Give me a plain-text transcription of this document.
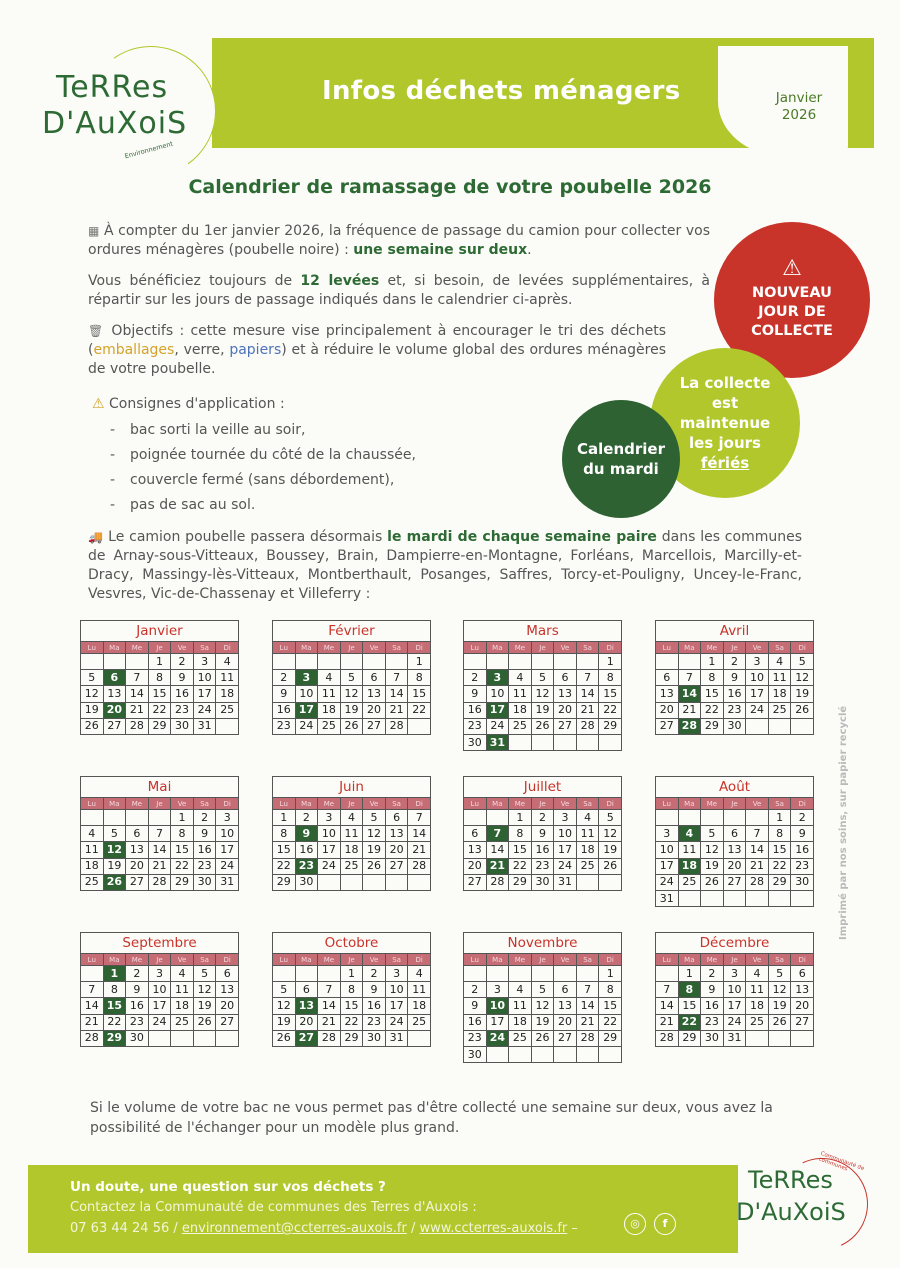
Infos déchets ménagers	Janvier
2026
TeRRes
D'AuXoiS
Environnement
Calendrier de ramassage de votre poubelle 2026
▦ À compter du 1er janvier 2026, la fréquence de passage du camion pour collecter vos ordures ménagères (poubelle noire) : une semaine sur deux.
Vous bénéficiez toujours de 12 levées et, si besoin, de levées supplémentaires, à répartir sur les jours de passage indiqués dans le calendrier ci-après.
🗑 Objectifs : cette mesure vise principalement à encourager le tri des déchets (emballages, verre, papiers) et à réduire le volume global des ordures ménagères de votre poubelle.
⚠ Consignes d'application :
- bac sorti la veille au soir,
- poignée tournée du côté de la chaussée,
- couvercle fermé (sans débordement),
- pas de sac au sol.
⚠
NOUVEAU
JOUR DE
COLLECTE
La collecte
est
maintenue
les jours
fériés
Calendrier
du mardi
🚚 Le camion poubelle passera désormais le mardi de chaque semaine paire dans les communes de Arnay-sous-Vitteaux, Boussey, Brain, Dampierre-en-Montagne, Forléans, Marcellois, Marcilly-et-Dracy, Massingy-lès-Vitteaux, Montberthault, Posanges, Saffres, Torcy-et-Pouligny, Uncey-le-Franc, Vesvres, Vic-de-Chassenay et Villeferry :
Janvier
Lu	Ma	Me	Je	Ve	Sa	Di
			1	2	3	4
5	6	7	8	9	10	11
12	13	14	15	16	17	18
19	20	21	22	23	24	25
26	27	28	29	30	31	
Février
Lu	Ma	Me	Je	Ve	Sa	Di
						1
2	3	4	5	6	7	8
9	10	11	12	13	14	15
16	17	18	19	20	21	22
23	24	25	26	27	28	
Mars
Lu	Ma	Me	Je	Ve	Sa	Di
						1
2	3	4	5	6	7	8
9	10	11	12	13	14	15
16	17	18	19	20	21	22
23	24	25	26	27	28	29
30	31					
Avril
Lu	Ma	Me	Je	Ve	Sa	Di
		1	2	3	4	5
6	7	8	9	10	11	12
13	14	15	16	17	18	19
20	21	22	23	24	25	26
27	28	29	30			
Mai
Lu	Ma	Me	Je	Ve	Sa	Di
				1	2	3
4	5	6	7	8	9	10
11	12	13	14	15	16	17
18	19	20	21	22	23	24
25	26	27	28	29	30	31
Juin
Lu	Ma	Me	Je	Ve	Sa	Di
1	2	3	4	5	6	7
8	9	10	11	12	13	14
15	16	17	18	19	20	21
22	23	24	25	26	27	28
29	30					
Juillet
Lu	Ma	Me	Je	Ve	Sa	Di
		1	2	3	4	5
6	7	8	9	10	11	12
13	14	15	16	17	18	19
20	21	22	23	24	25	26
27	28	29	30	31		
Août
Lu	Ma	Me	Je	Ve	Sa	Di
					1	2
3	4	5	6	7	8	9
10	11	12	13	14	15	16
17	18	19	20	21	22	23
24	25	26	27	28	29	30
31						
Septembre
Lu	Ma	Me	Je	Ve	Sa	Di
	1	2	3	4	5	6
7	8	9	10	11	12	13
14	15	16	17	18	19	20
21	22	23	24	25	26	27
28	29	30				
Octobre
Lu	Ma	Me	Je	Ve	Sa	Di
			1	2	3	4
5	6	7	8	9	10	11
12	13	14	15	16	17	18
19	20	21	22	23	24	25
26	27	28	29	30	31	
Novembre
Lu	Ma	Me	Je	Ve	Sa	Di
						1
2	3	4	5	6	7	8
9	10	11	12	13	14	15
16	17	18	19	20	21	22
23	24	25	26	27	28	29
30						
Décembre
Lu	Ma	Me	Je	Ve	Sa	Di
	1	2	3	4	5	6
7	8	9	10	11	12	13
14	15	16	17	18	19	20
21	22	23	24	25	26	27
28	29	30	31			
Si le volume de votre bac ne vous permet pas d'être collecté une semaine sur deux, vous avez la possibilité de l'échanger pour un modèle plus grand.
Imprimé par nos soins, sur papier recyclé
Un doute, une question sur vos déchets ?
Contactez la Communauté de communes des Terres d'Auxois :
07 63 44 24 56 / environnement@ccterres-auxois.fr / www.ccterres-auxois.fr –	◎	f
Communauté de communes
TeRRes
D'AuXoiS
